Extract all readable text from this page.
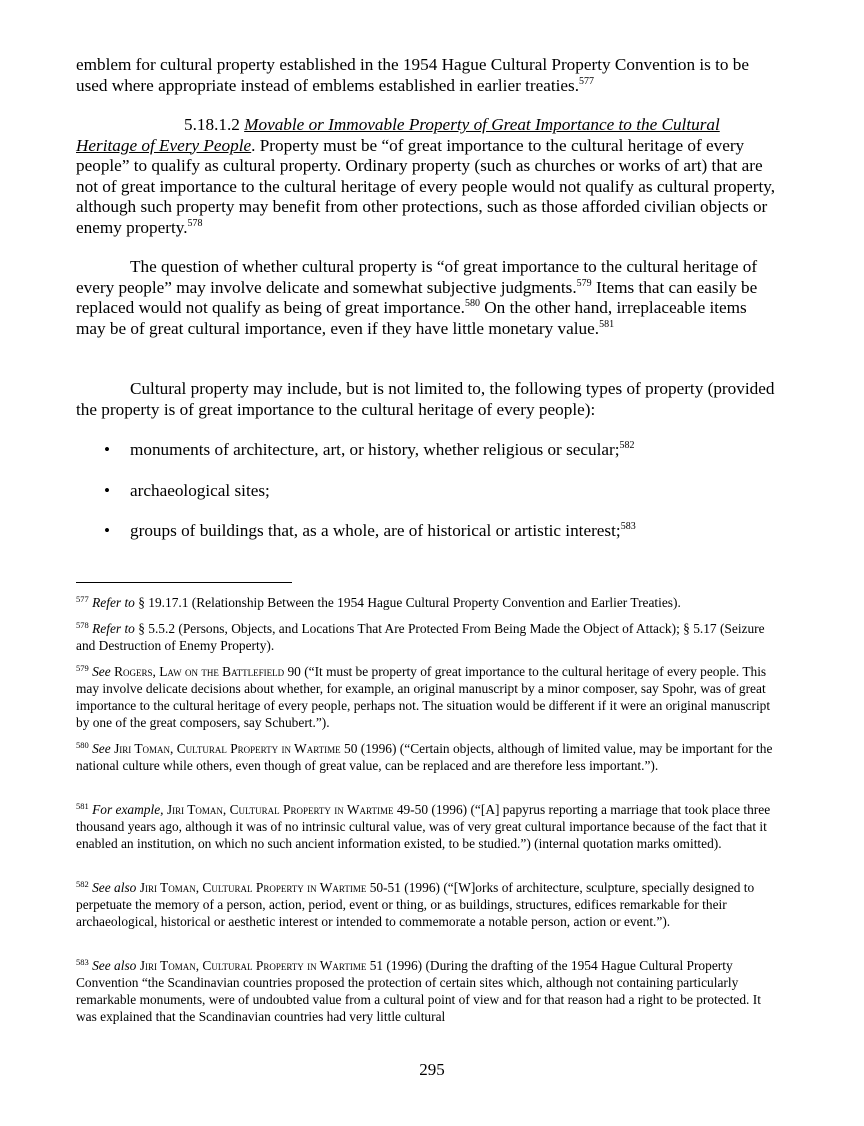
emblem for cultural property established in the 1954 Hague Cultural Property Convention is to be used where appropriate instead of emblems established in earlier treaties.$^{577}$
5.18.1.2 Movable or Immovable Property of Great Importance to the Cultural Heritage of Every People. Property must be “of great importance to the cultural heritage of every people” to qualify as cultural property. Ordinary property (such as churches or works of art) that are not of great importance to the cultural heritage of every people would not qualify as cultural property, although such property may benefit from other protections, such as those afforded civilian objects or enemy property.$^{578}$
The question of whether cultural property is “of great importance to the cultural heritage of every people” may involve delicate and somewhat subjective judgments.$^{579}$ Items that can easily be replaced would not qualify as being of great importance.$^{580}$ On the other hand, irreplaceable items may be of great cultural importance, even if they have little monetary value.$^{581}$
Cultural property may include, but is not limited to, the following types of property (provided the property is of great importance to the cultural heritage of every people):
• monuments of architecture, art, or history, whether religious or secular;$^{582}$
• archaeological sites;
• groups of buildings that, as a whole, are of historical or artistic interest;$^{583}$
$^{577}$ Refer to § 19.17.1 (Relationship Between the 1954 Hague Cultural Property Convention and Earlier Treaties).
$^{578}$ Refer to § 5.5.2 (Persons, Objects, and Locations That Are Protected From Being Made the Object of Attack); § 5.17 (Seizure and Destruction of Enemy Property).
$^{579}$ See Rogers, Law on the Battlefield 90 (“It must be property of great importance to the cultural heritage of every people. This may involve delicate decisions about whether, for example, an original manuscript by a minor composer, say Spohr, was of great importance to the cultural heritage of every people, perhaps not. The situation would be different if it were an original manuscript by one of the great composers, say Schubert.”).
$^{580}$ See Jiri Toman, Cultural Property in Wartime 50 (1996) (“Certain objects, although of limited value, may be important for the national culture while others, even though of great value, can be replaced and are therefore less important.”).
$^{581}$ For example, Jiri Toman, Cultural Property in Wartime 49-50 (1996) (“[A] papyrus reporting a marriage that took place three thousand years ago, although it was of no intrinsic cultural value, was of very great cultural importance because of the fact that it enabled an institution, on which no such ancient information existed, to be studied.”) (internal quotation marks omitted).
$^{582}$ See also Jiri Toman, Cultural Property in Wartime 50-51 (1996) (“[W]orks of architecture, sculpture, specially designed to perpetuate the memory of a person, action, period, event or thing, or as buildings, structures, edifices remarkable for their archaeological, historical or aesthetic interest or intended to commemorate a notable person, action or event.”).
$^{583}$ See also Jiri Toman, Cultural Property in Wartime 51 (1996) (During the drafting of the 1954 Hague Cultural Property Convention “the Scandinavian countries proposed the protection of certain sites which, although not containing particularly remarkable monuments, were of undoubted value from a cultural point of view and for that reason had a right to be protected. It was explained that the Scandinavian countries had very little cultural
295
